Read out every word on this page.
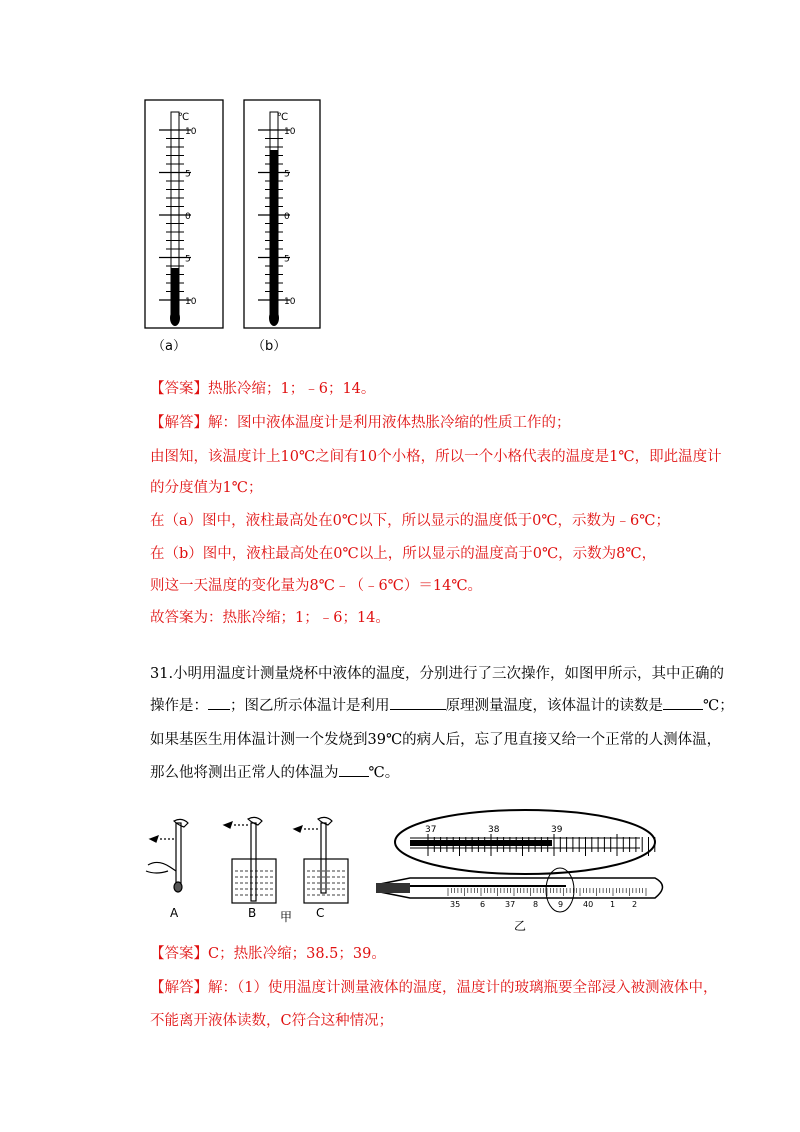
℃
10
5
0
5
10
（a）
℃
10
5
0
5
10
（b）
【答案】热胀冷缩；1；﹣6；14。
【解答】解：图中液体温度计是利用液体热胀冷缩的性质工作的；
由图知，该温度计上10℃之间有10个小格，所以一个小格代表的温度是1℃，即此温度计
的分度值为1℃；
在（a）图中，液柱最高处在0℃以下，所以显示的温度低于0℃，示数为﹣6℃；
在（b）图中，液柱最高处在0℃以上，所以显示的温度高于0℃，示数为8℃，
则这一天温度的变化量为8℃﹣（﹣6℃）＝14℃。
故答案为：热胀冷缩；1；﹣6；14。
31.小明用温度计测量烧杯中液体的温度，分别进行了三次操作，如图甲所示，其中正确的
操作是： ；图乙所示体温计是利用	原理测量温度，该体温计的读数是	℃；
如果基医生用体温计测一个发烧到39℃的病人后，忘了甩直接又给一个正常的人测体温，
那么他将测出正常人的体温为 ℃。
A	B	C
甲
37	38	39
35 6 37 8 9 40 1 2
乙
【答案】C；热胀冷缩；38.5；39。
【解答】解：（1）使用温度计测量液体的温度，温度计的玻璃瓶要全部浸入被测液体中，
不能离开液体读数，C符合这种情况；
